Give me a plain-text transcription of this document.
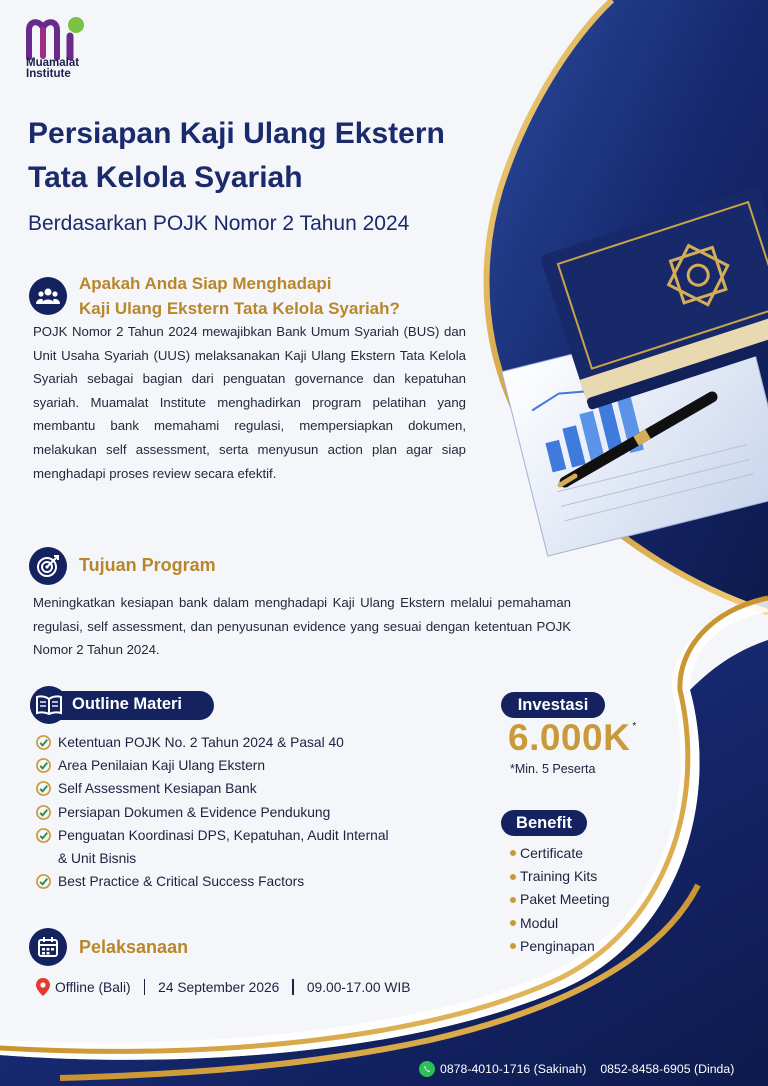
Muamalat
Institute
Persiapan Kaji Ulang Ekstern
Tata Kelola Syariah
Berdasarkan POJK Nomor 2 Tahun 2024
Apakah Anda Siap Menghadapi
Kaji Ulang Ekstern Tata Kelola Syariah?
POJK Nomor 2 Tahun 2024 mewajibkan Bank Umum Syariah (BUS) dan Unit Usaha Syariah (UUS) melaksanakan Kaji Ulang Ekstern Tata Kelola Syariah sebagai bagian dari penguatan governance dan kepatuhan syariah. Muamalat Institute menghadirkan program pelatihan yang membantu bank memahami regulasi, mempersiapkan dokumen, melakukan self assessment, serta menyusun action plan agar siap menghadapi proses review secara efektif.
Tujuan Program
Meningkatkan kesiapan bank dalam menghadapi Kaji Ulang Ekstern melalui pemahaman regulasi, self assessment, dan penyusunan evidence yang sesuai dengan ketentuan POJK Nomor 2 Tahun 2024.
Outline Materi
Ketentuan POJK No. 2 Tahun 2024 & Pasal 40
Area Penilaian Kaji Ulang Ekstern
Self Assessment Kesiapan Bank
Persiapan Dokumen & Evidence Pendukung
Penguatan Koordinasi DPS, Kepatuhan, Audit Internal
& Unit Bisnis
Best Practice & Critical Success Factors
Investasi
6.000K *
*Min. 5 Peserta
Benefit
Certificate
Training Kits
Paket Meeting
Modul
Penginapan
Pelaksanaan
Offline (Bali) 24 September 2026 09.00-17.00 WIB
0878-4010-1716 (Sakinah) 0852-8458-6905 (Dinda)
